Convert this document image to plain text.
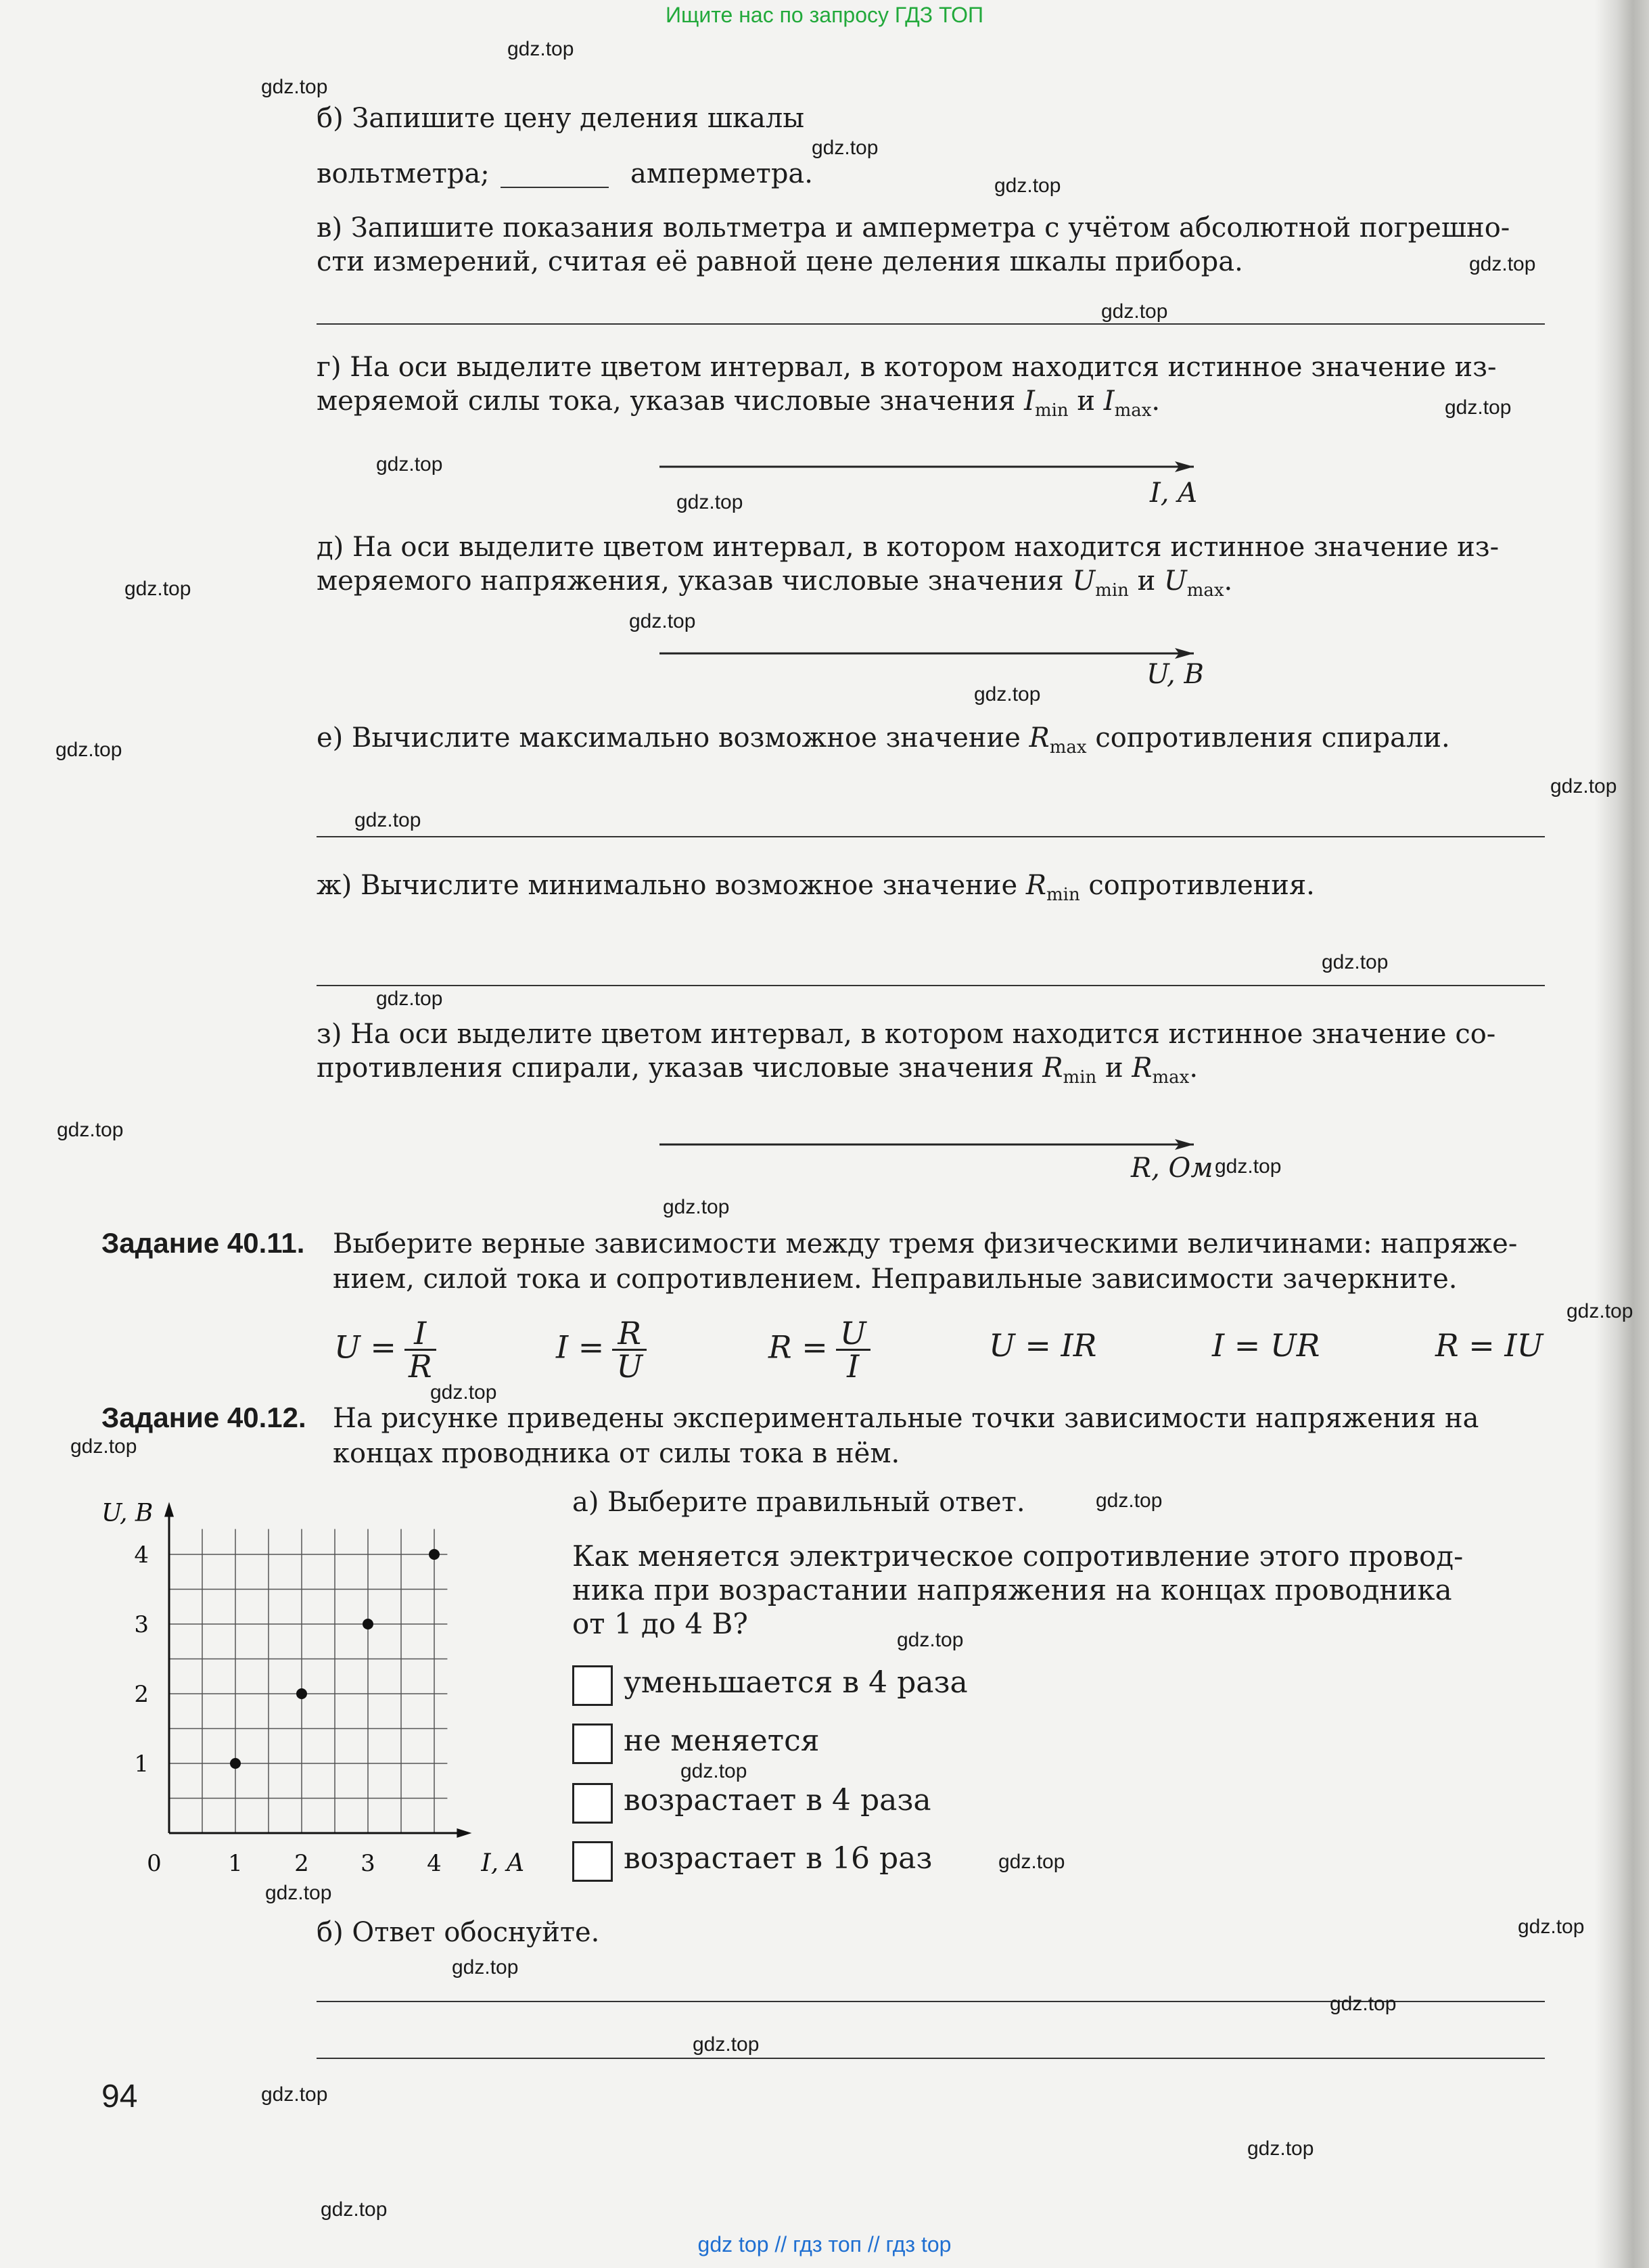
Ищите нас по запросу ГДЗ ТОП
б) Запишите цену деления шкалы
вольтметра;	амперметра.
в) Запишите показания вольтметра и амперметра с учётом абсолютной погрешно-
сти измерений, считая её равной цене деления шкалы прибора.
г) На оси выделите цветом интервал, в котором находится истинное значение из-
меряемой силы тока, указав числовые значения $I_{min}$ и $I_{max}$.
I, A
д) На оси выделите цветом интервал, в котором находится истинное значение из-
меряемого напряжения, указав числовые значения $U_{min}$ и $U_{max}$.
U, В
е) Вычислите максимально возможное значение $R_{max}$ сопротивления спирали.
ж) Вычислите минимально возможное значение $R_{min}$ сопротивления.
з) На оси выделите цветом интервал, в котором находится истинное значение со-
противления спирали, указав числовые значения $R_{min}$ и $R_{max}$.
R, Ом
Задание 40.11. Выберите верные зависимости между тремя физическими величинами: напряже-
нием, силой тока и сопротивлением. Неправильные зависимости зачеркните.
$U = \frac{I}{R}$	$I = \frac{R}{U}$	$R = \frac{U}{I}$	U = IR	I = UR	R = IU
Задание 40.12. На рисунке приведены экспериментальные точки зависимости напряжения на
концах проводника от силы тока в нём.
0	1 2 3 4
1
2
3
4
I, А
U, В	а) Выберите правильный ответ.
Как меняется электрическое сопротивление этого провод-
ника при возрастании напряжения на концах проводника
от 1 до 4 В?
уменьшается в 4 раза
не меняется
возрастает в 4 раза
возрастает в 16 раз
б) Ответ обоснуйте.
94
gdz.top
gdz.top
gdz.top
gdz.top
gdz.top
gdz.top
gdz.top
gdz.top
gdz.top
gdz.top
gdz.top
gdz.top
gdz.top
gdz.top
gdz.top
gdz.top
gdz.top
gdz.top
gdz.top
gdz.top
gdz.top
gdz.top
gdz.top
gdz.top
gdz.top
gdz.top
gdz.top
gdz.top
gdz.top
gdz.top
gdz.top
gdz.top
gdz.top
gdz.top
gdz.top
gdz top // гдз топ // гдз top
